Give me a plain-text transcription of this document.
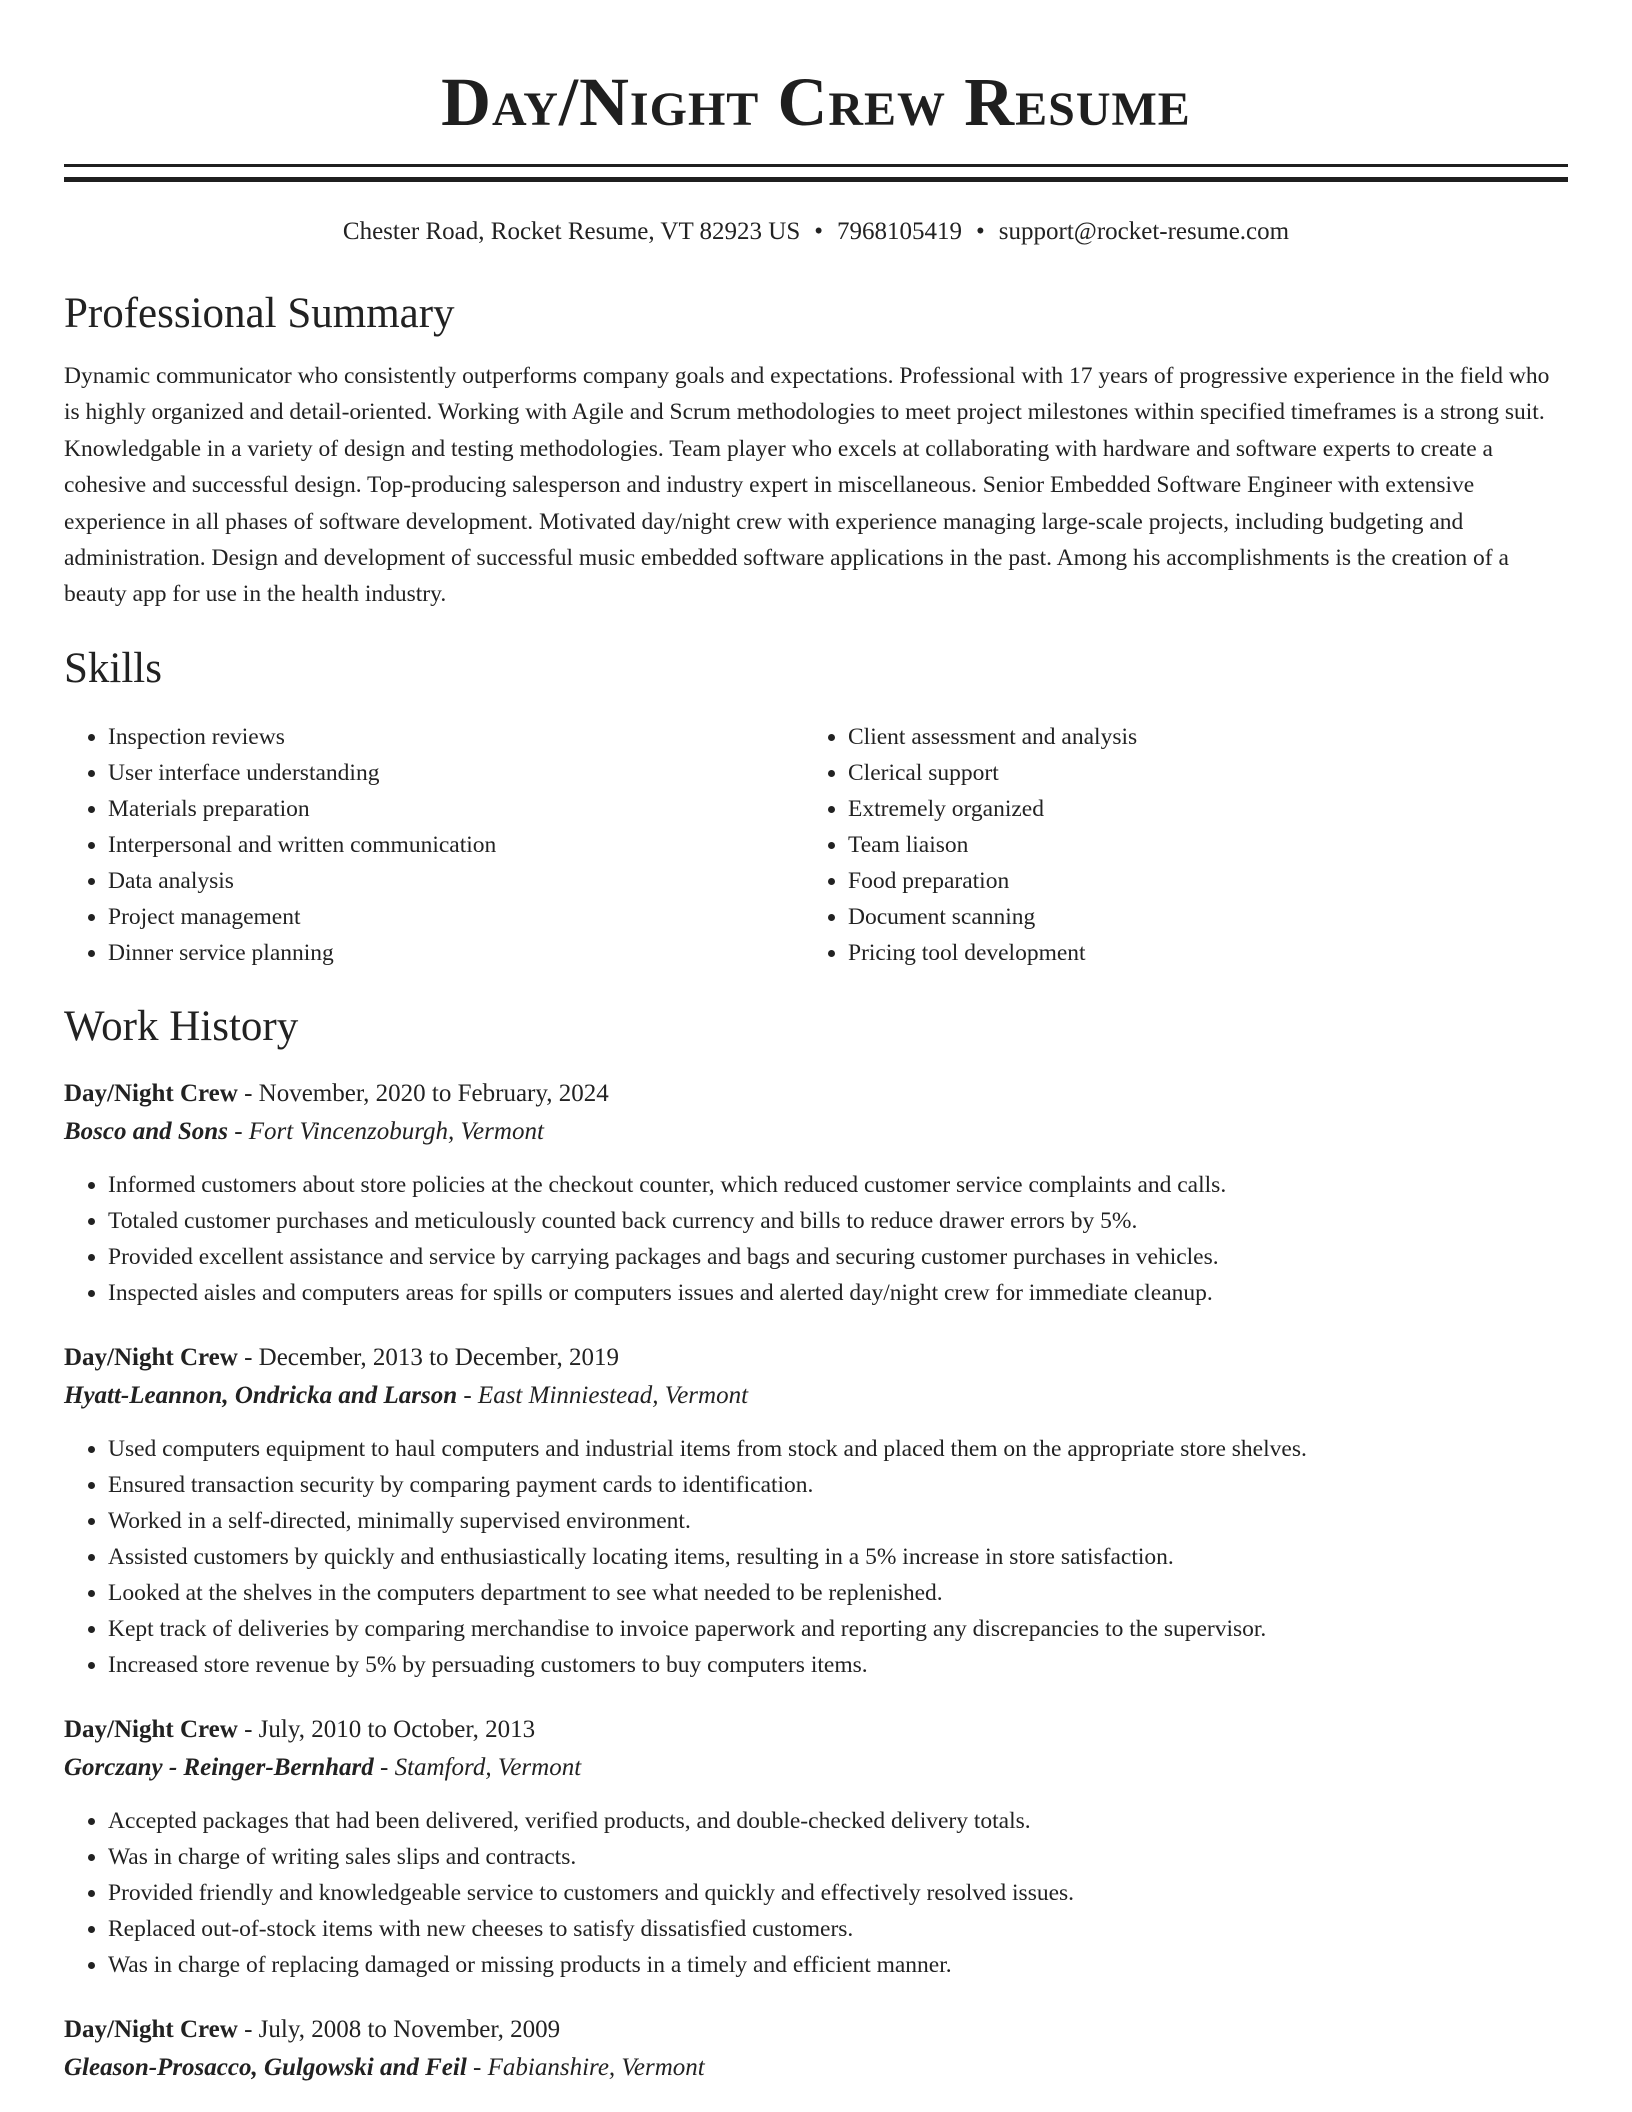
Day/Night Crew Resume
Chester Road, Rocket Resume, VT 82923 US • 7968105419 • support@rocket-resume.com
Professional Summary

Dynamic communicator who consistently outperforms company goals and expectations. Professional with 17 years of progressive experience in the field who is highly organized and detail-oriented. Working with Agile and Scrum methodologies to meet project milestones within specified timeframes is a strong suit. Knowledgable in a variety of design and testing methodologies. Team player who excels at collaborating with hardware and software experts to create a cohesive and successful design. Top-producing salesperson and industry expert in miscellaneous. Senior Embedded Software Engineer with extensive experience in all phases of software development. Motivated day/night crew with experience managing large-scale projects, including budgeting and administration. Design and development of successful music embedded software applications in the past. Among his accomplishments is the creation of a beauty app for use in the health industry.

Skills
• Inspection reviews
• User interface understanding
• Materials preparation
• Interpersonal and written communication
• Data analysis
• Project management
• Dinner service planning
• Client assessment and analysis
• Clerical support
• Extremely organized
• Team liaison
• Food preparation
• Document scanning
• Pricing tool development
Work History
Day/Night Crew - November, 2020 to February, 2024
Bosco and Sons - Fort Vincenzoburgh, Vermont
• Informed customers about store policies at the checkout counter, which reduced customer service complaints and calls.
• Totaled customer purchases and meticulously counted back currency and bills to reduce drawer errors by 5%.
• Provided excellent assistance and service by carrying packages and bags and securing customer purchases in vehicles.
• Inspected aisles and computers areas for spills or computers issues and alerted day/night crew for immediate cleanup.
Day/Night Crew - December, 2013 to December, 2019
Hyatt-Leannon, Ondricka and Larson - East Minniestead, Vermont
• Used computers equipment to haul computers and industrial items from stock and placed them on the appropriate store shelves.
• Ensured transaction security by comparing payment cards to identification.
• Worked in a self-directed, minimally supervised environment.
• Assisted customers by quickly and enthusiastically locating items, resulting in a 5% increase in store satisfaction.
• Looked at the shelves in the computers department to see what needed to be replenished.
• Kept track of deliveries by comparing merchandise to invoice paperwork and reporting any discrepancies to the supervisor.
• Increased store revenue by 5% by persuading customers to buy computers items.
Day/Night Crew - July, 2010 to October, 2013
Gorczany - Reinger-Bernhard - Stamford, Vermont
• Accepted packages that had been delivered, verified products, and double-checked delivery totals.
• Was in charge of writing sales slips and contracts.
• Provided friendly and knowledgeable service to customers and quickly and effectively resolved issues.
• Replaced out-of-stock items with new cheeses to satisfy dissatisfied customers.
• Was in charge of replacing damaged or missing products in a timely and efficient manner.
Day/Night Crew - July, 2008 to November, 2009
Gleason-Prosacco, Gulgowski and Feil - Fabianshire, Vermont
